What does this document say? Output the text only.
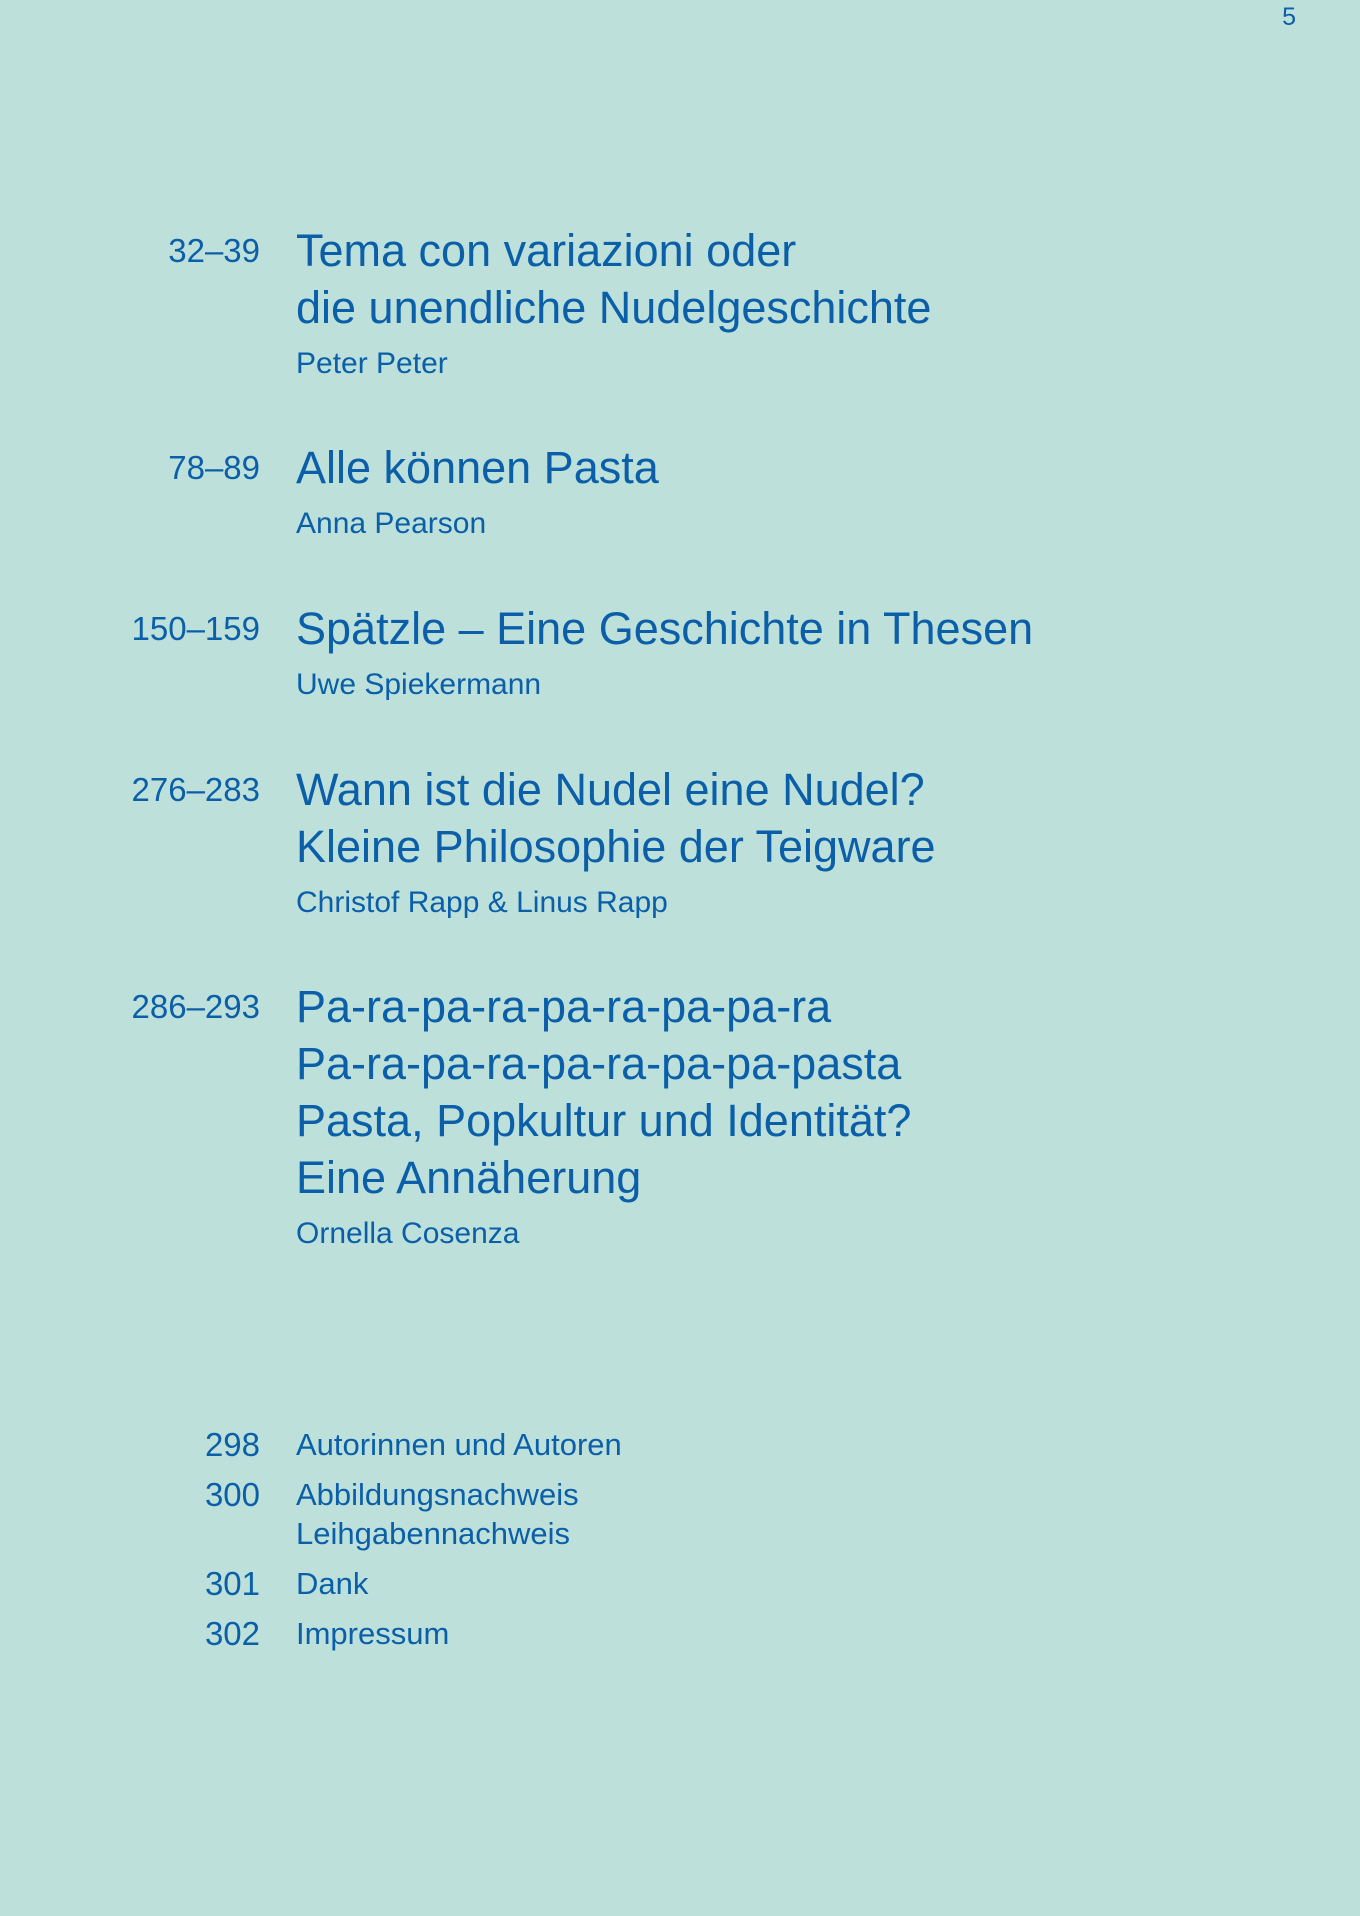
5
32–39 Tema con variazioni oder
die unendliche Nudelgeschichte
Peter Peter
78–89 Alle können Pasta
Anna Pearson
150–159 Spätzle – Eine Geschichte in Thesen
Uwe Spiekermann
276–283 Wann ist die Nudel eine Nudel?
Kleine Philosophie der Teigware
Christof Rapp & Linus Rapp
286–293 Pa-ra-pa-ra-pa-ra-pa-pa-ra
Pa-ra-pa-ra-pa-ra-pa-pa-pasta
Pasta, Popkultur und Identität?
Eine Annäherung
Ornella Cosenza
298 Autorinnen und Autoren
300 Abbildungsnachweis
Leihgabennachweis
301 Dank
302 Impressum
